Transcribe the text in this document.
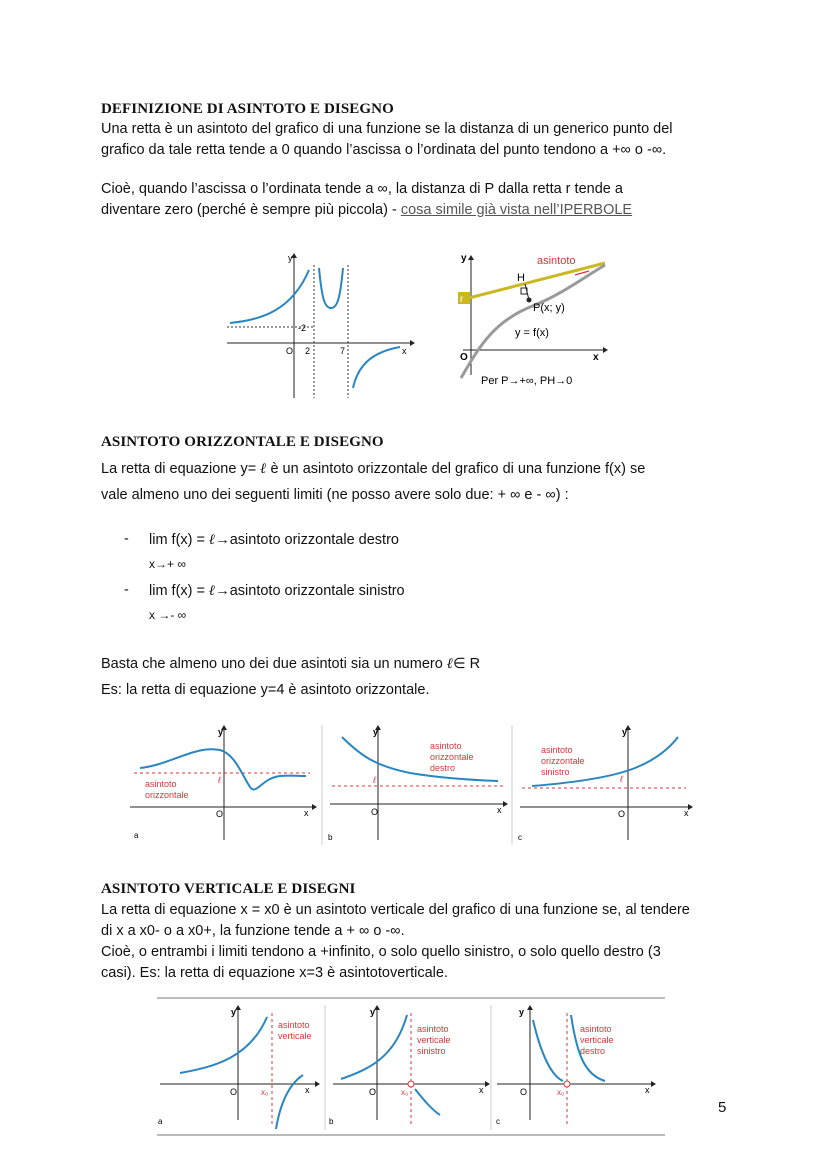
DEFINIZIONE DI ASINTOTO E DISEGNO
Una retta è un asintoto del grafico di una funzione se la distanza di un generico punto del
grafico da tale retta tende a 0 quando l’ascissa o l’ordinata del punto tendono a +∞ o -∞.
Cioè, quando l’ascissa o l’ordinata tende a ∞, la distanza di P dalla retta r tende a
diventare zero (perché è sempre più piccola) - cosa simile già vista nell’IPERBOLE
y
x
O 2
-2
7
asintoto
H
r
P(x; y)
y = f(x)
y
x
O
Per P→+∞, PH→0
ASINTOTO ORIZZONTALE E DISEGNO
La retta di equazione y= ℓ è un asintoto orizzontale del grafico di una funzione f(x) se
vale almeno uno dei seguenti limiti (ne posso avere solo due: + ∞ e - ∞) :
- lim f(x) = ℓ→asintoto orizzontale destro
x→+ ∞
- lim f(x) = ℓ→asintoto orizzontale sinistro
x →- ∞
Basta che almeno uno dei due asintoti sia un numero ℓ∈ R
Es: la retta di equazione y=4 è asintoto orizzontale.
y
x
O
ℓ
asintoto
orizzontale
a
y
x
O
ℓ
asintoto
orizzontale
destro
b
y
x
O
ℓ
asintoto
orizzontale
sinistro
c
ASINTOTO VERTICALE E DISEGNI
La retta di equazione x = x0 è un asintoto verticale del grafico di una funzione se, al tendere
di x a x0- o a x0+, la funzione tende a + ∞ o -∞.
Cioè, o entrambi i limiti tendono a +infinito, o solo quello sinistro, o solo quello destro (3
casi). Es: la retta di equazione x=3 è asintotoverticale.
y
x
O	x₀
asintoto
verticale
a
y
x
O	x₀
asintoto
verticale
sinistro
b
y
x
O	x₀
asintoto
verticale
destro
c
5
